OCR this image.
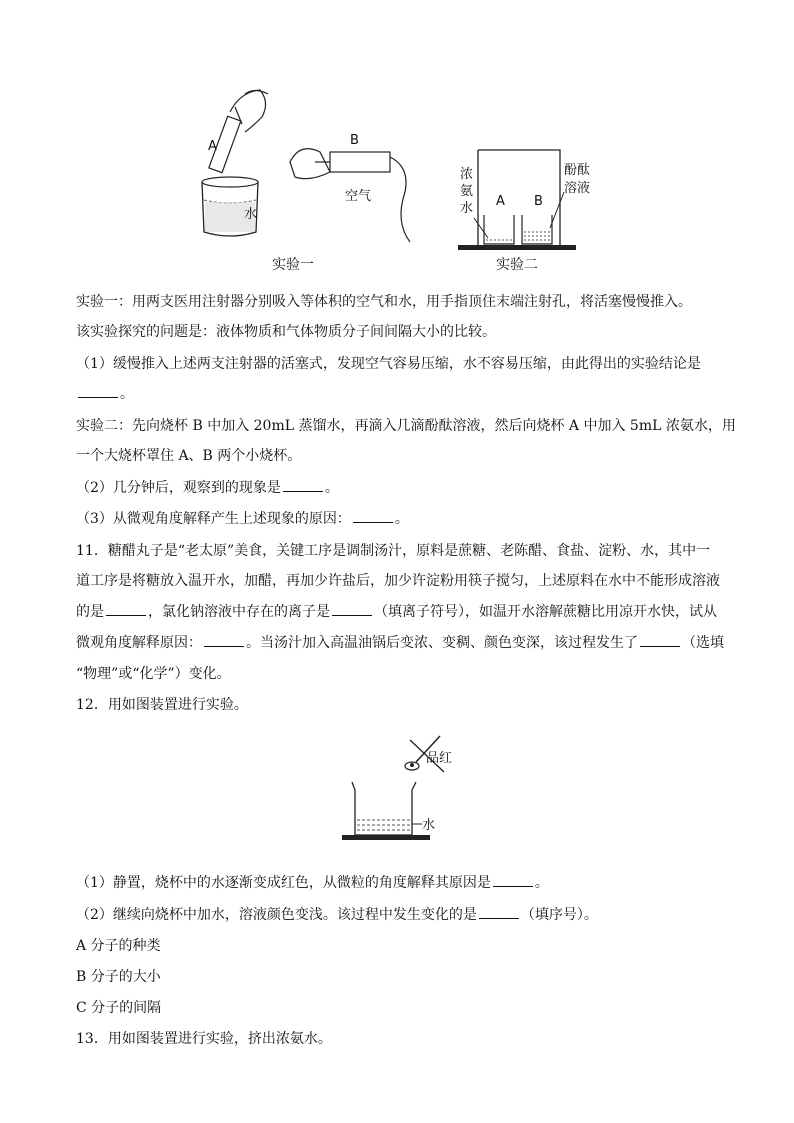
A	B
水
空气
实验一
浓
氨
水
酚酞
溶液
A B
实验二
实验一：用两支医用注射器分别吸入等体积的空气和水，用手指顶住末端注射孔，将活塞慢慢推入。
该实验探究的问题是：液体物质和气体物质分子间间隔大小的比较。
（1）缓慢推入上述两支注射器的活塞式，发现空气容易压缩，水不容易压缩，由此得出的实验结论是
。
实验二：先向烧杯 B 中加入 20mL 蒸馏水，再滴入几滴酚酞溶液，然后向烧杯 A 中加入 5mL 浓氨水，用
一个大烧杯罩住 A、B 两个小烧杯。
（2）几分钟后，观察到的现象是	。
（3）从微观角度解释产生上述现象的原因：	。
11．糖醋丸子是“老太原”美食，关键工序是调制汤汁，原料是蔗糖、老陈醋、食盐、淀粉、水，其中一
道工序是将糖放入温开水，加醋，再加少许盐后，加少许淀粉用筷子搅匀，上述原料在水中不能形成溶液
的是	，氯化钠溶液中存在的离子是	（填离子符号），如温开水溶解蔗糖比用凉开水快，试从
微观角度解释原因：	。当汤汁加入高温油锅后变浓、变稠、颜色变深，该过程发生了	（选填
“物理”或“化学”）变化。
12．用如图装置进行实验。
品红
水
（1）静置，烧杯中的水逐渐变成红色，从微粒的角度解释其原因是	。
（2）继续向烧杯中加水，溶液颜色变浅。该过程中发生变化的是	（填序号）。
A 分子的种类
B 分子的大小
C 分子的间隔
13．用如图装置进行实验，挤出浓氨水。
